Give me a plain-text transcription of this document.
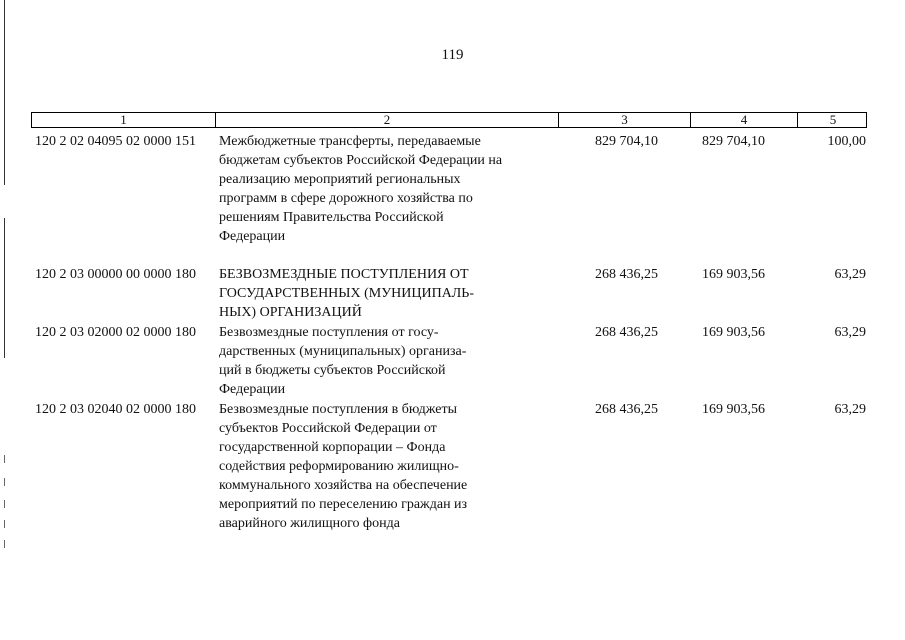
119
1	2	3	4	5
120 2 02 04095 02 0000 151	Межбюджетные трансферты, передаваемые
бюджетам субъектов Российской Федерации на
реализацию мероприятий региональных
программ в сфере дорожного хозяйства по
решениям Правительства Российской
Федерации
829 704,10	829 704,10	100,00
120 2 03 00000 00 0000 180	БЕЗВОЗМЕЗДНЫЕ ПОСТУПЛЕНИЯ ОТ
ГОСУДАРСТВЕННЫХ (МУНИЦИПАЛЬ-
НЫХ) ОРГАНИЗАЦИЙ
268 436,25	169 903,56	63,29
120 2 03 02000 02 0000 180	Безвозмездные поступления от госу-
дарственных (муниципальных) организа-
ций в бюджеты субъектов Российской
Федерации
268 436,25	169 903,56	63,29
120 2 03 02040 02 0000 180	Безвозмездные поступления в бюджеты
субъектов Российской Федерации от
государственной корпорации – Фонда
содействия реформированию жилищно-
коммунального хозяйства на обеспечение
мероприятий по переселению граждан из
аварийного жилищного фонда
268 436,25	169 903,56	63,29
